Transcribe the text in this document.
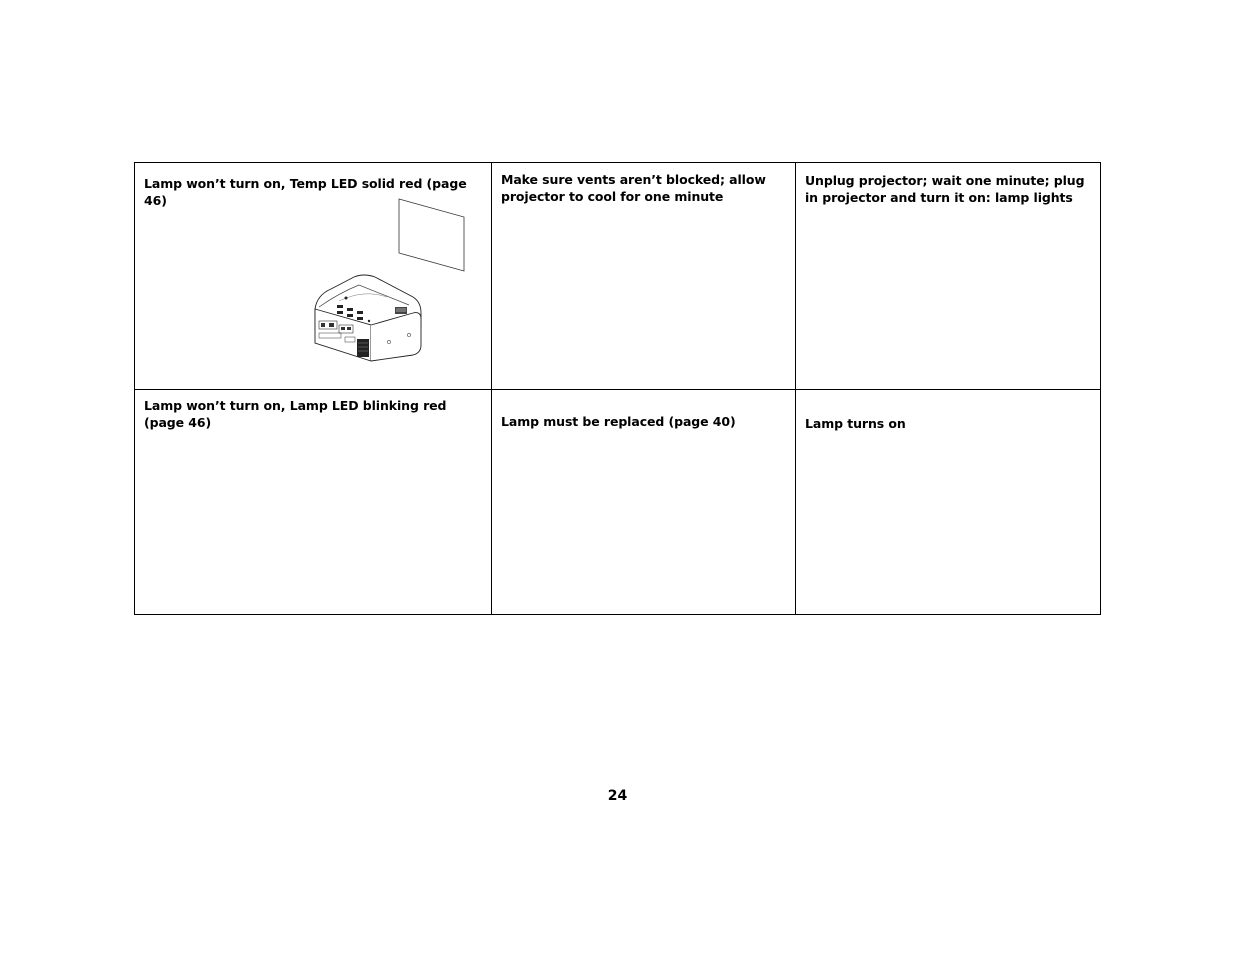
Lamp won’t turn on, Temp LED solid red (page 46)
Make sure vents aren’t blocked; allow projector to cool for one minute
Unplug projector; wait one minute; plug in projector and turn it on: lamp lights
Lamp won’t turn on, Lamp LED blinking red (page 46)	Lamp must be replaced (page 40)	Lamp turns on
24
